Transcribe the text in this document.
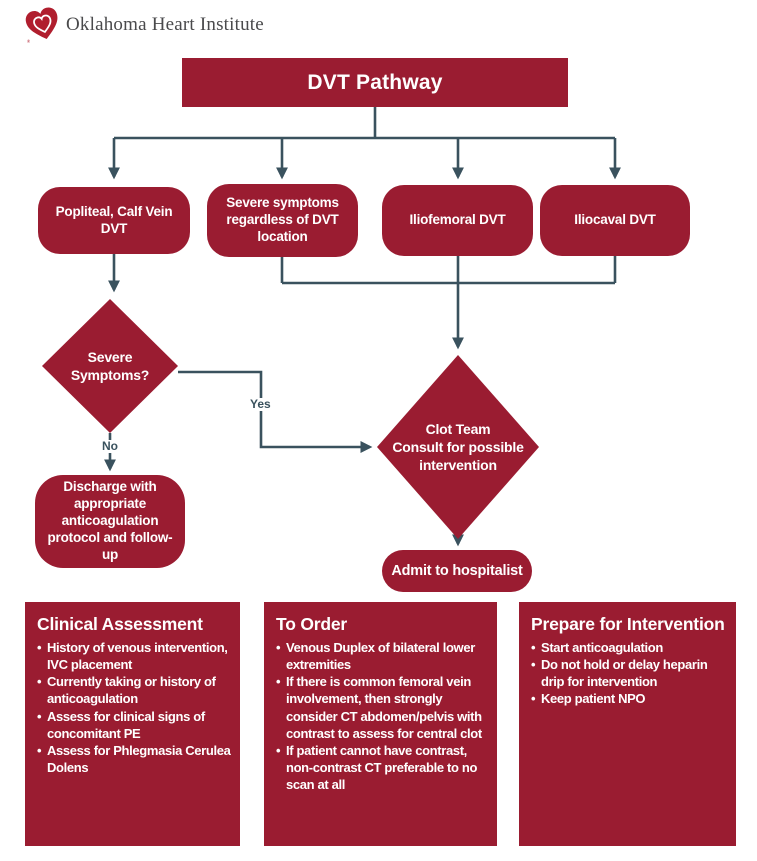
®
Oklahoma Heart Institute
DVT Pathway
Popliteal, Calf Vein DVT
Severe symptoms regardless of DVT location
Iliofemoral DVT	Iliocaval DVT
Severe
Symptoms?
Yes
No
Discharge with appropriate anticoagulation protocol and follow-up
Clot Team
Consult for possible
intervention
Admit to hospitalist
Clinical Assessment
• History of venous intervention, IVC placement
• Currently taking or history of anticoagulation
• Assess for clinical signs of concomitant PE
• Assess for Phlegmasia Cerulea Dolens
To Order
• Venous Duplex of bilateral lower extremities
• If there is common femoral vein involvement, then strongly consider CT abdomen/pelvis with contrast to assess for central clot
• If patient cannot have contrast, non-contrast CT preferable to no scan at all
Prepare for Intervention
• Start anticoagulation
• Do not hold or delay heparin drip for intervention
• Keep patient NPO
